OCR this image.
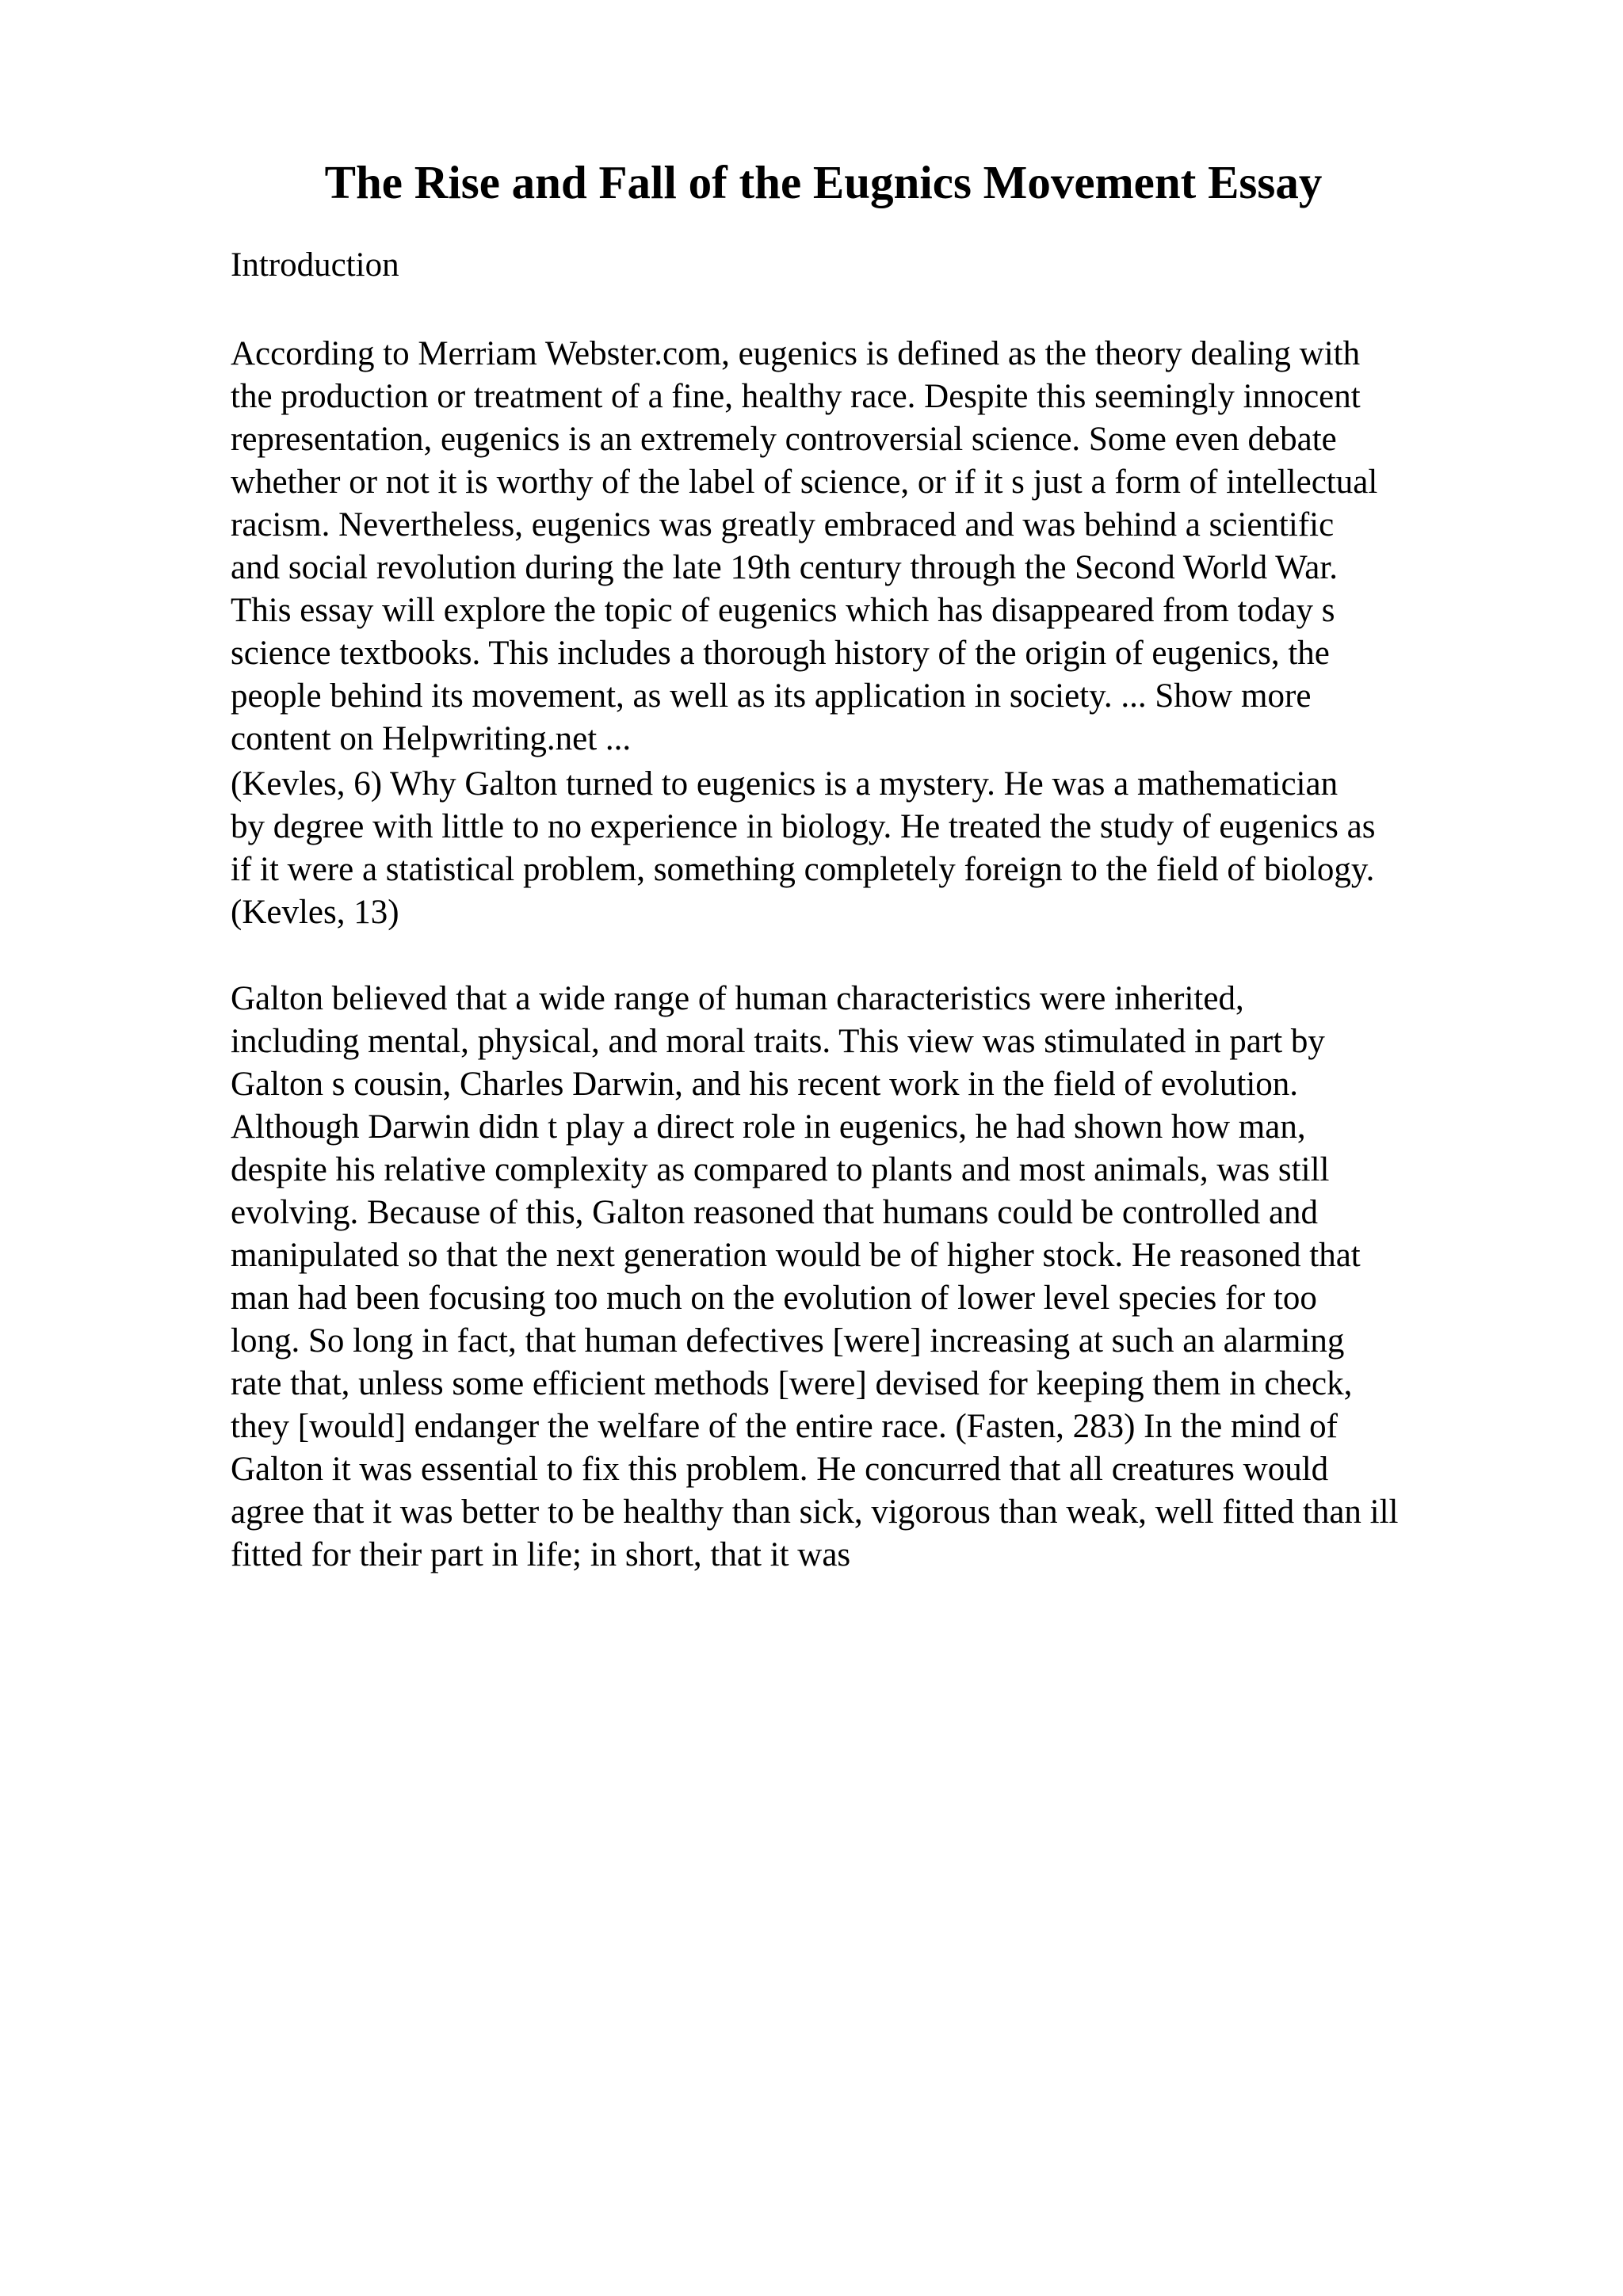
The Rise and Fall of the Eugnics Movement Essay
Introduction
According to Merriam Webster.com, eugenics is defined as the theory dealing with
the production or treatment of a fine, healthy race. Despite this seemingly innocent
representation, eugenics is an extremely controversial science. Some even debate
whether or not it is worthy of the label of science, or if it s just a form of intellectual
racism. Nevertheless, eugenics was greatly embraced and was behind a scientific
and social revolution during the late 19th century through the Second World War.
This essay will explore the topic of eugenics which has disappeared from today s
science textbooks. This includes a thorough history of the origin of eugenics, the
people behind its movement, as well as its application in society. ... Show more
content on Helpwriting.net ...
(Kevles, 6) Why Galton turned to eugenics is a mystery. He was a mathematician
by degree with little to no experience in biology. He treated the study of eugenics as
if it were a statistical problem, something completely foreign to the field of biology.
(Kevles, 13)
Galton believed that a wide range of human characteristics were inherited,
including mental, physical, and moral traits. This view was stimulated in part by
Galton s cousin, Charles Darwin, and his recent work in the field of evolution.
Although Darwin didn t play a direct role in eugenics, he had shown how man,
despite his relative complexity as compared to plants and most animals, was still
evolving. Because of this, Galton reasoned that humans could be controlled and
manipulated so that the next generation would be of higher stock. He reasoned that
man had been focusing too much on the evolution of lower level species for too
long. So long in fact, that human defectives [were] increasing at such an alarming
rate that, unless some efficient methods [were] devised for keeping them in check,
they [would] endanger the welfare of the entire race. (Fasten, 283) In the mind of
Galton it was essential to fix this problem. He concurred that all creatures would
agree that it was better to be healthy than sick, vigorous than weak, well fitted than ill
fitted for their part in life; in short, that it was
